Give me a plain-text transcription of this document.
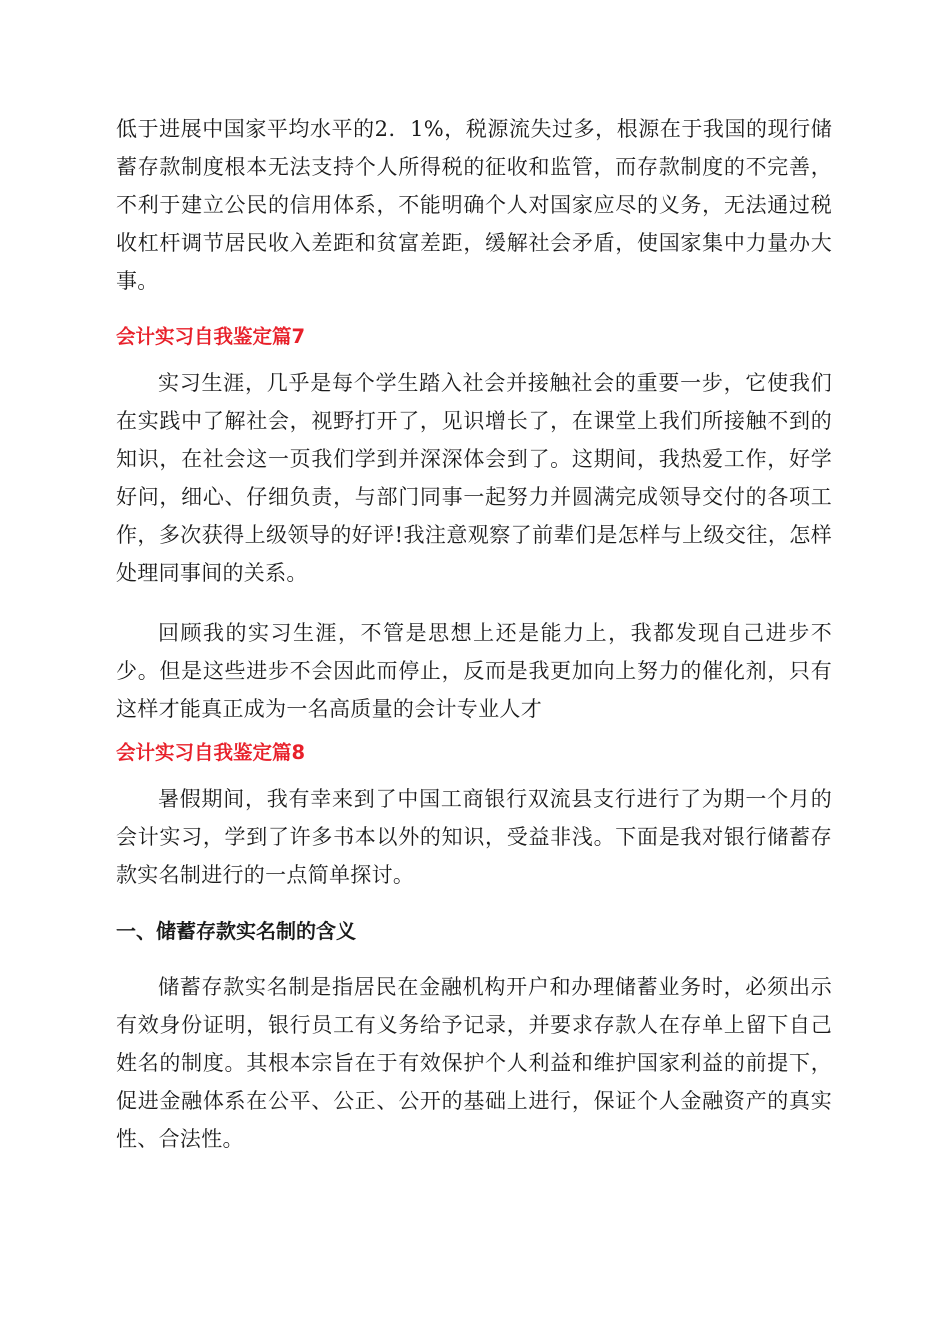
低于进展中国家平均水平的2．1%，税源流失过多，根源在于我国的现行储蓄存款制度根本无法支持个人所得税的征收和监管，而存款制度的不完善，不利于建立公民的信用体系，不能明确个人对国家应尽的义务，无法通过税收杠杆调节居民收入差距和贫富差距，缓解社会矛盾，使国家集中力量办大事。

会计实习自我鉴定篇7

实习生涯，几乎是每个学生踏入社会并接触社会的重要一步，它使我们在实践中了解社会，视野打开了，见识增长了，在课堂上我们所接触不到的知识，在社会这一页我们学到并深深体会到了。这期间，我热爱工作，好学好问，细心、仔细负责，与部门同事一起努力并圆满完成领导交付的各项工作，多次获得上级领导的好评!我注意观察了前辈们是怎样与上级交往，怎样处理同事间的关系。

回顾我的实习生涯，不管是思想上还是能力上，我都发现自己进步不少。但是这些进步不会因此而停止，反而是我更加向上努力的催化剂，只有这样才能真正成为一名高质量的会计专业人才

会计实习自我鉴定篇8

暑假期间，我有幸来到了中国工商银行双流县支行进行了为期一个月的会计实习，学到了许多书本以外的知识，受益非浅。下面是我对银行储蓄存款实名制进行的一点简单探讨。

一、储蓄存款实名制的含义

储蓄存款实名制是指居民在金融机构开户和办理储蓄业务时，必须出示有效身份证明，银行员工有义务给予记录，并要求存款人在存单上留下自己姓名的制度。其根本宗旨在于有效保护个人利益和维护国家利益的前提下，促进金融体系在公平、公正、公开的基础上进行，保证个人金融资产的真实性、合法性。
